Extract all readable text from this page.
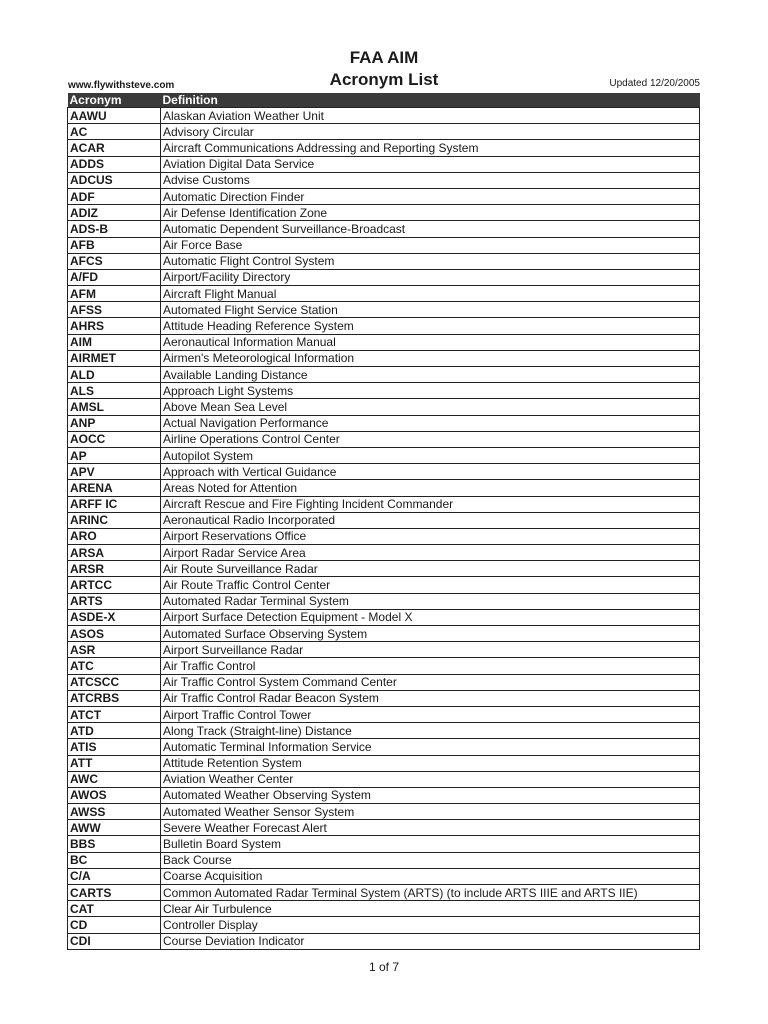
FAA AIM
Acronym List
www.flywithsteve.com	Updated 12/20/2005
Acronym	Definition
AAWU	Alaskan Aviation Weather Unit
AC	Advisory Circular
ACAR	Aircraft Communications Addressing and Reporting System
ADDS	Aviation Digital Data Service
ADCUS	Advise Customs
ADF	Automatic Direction Finder
ADIZ	Air Defense Identification Zone
ADS-B	Automatic Dependent Surveillance-Broadcast
AFB	Air Force Base
AFCS	Automatic Flight Control System
A/FD	Airport/Facility Directory
AFM	Aircraft Flight Manual
AFSS	Automated Flight Service Station
AHRS	Attitude Heading Reference System
AIM	Aeronautical Information Manual
AIRMET	Airmen's Meteorological Information
ALD	Available Landing Distance
ALS	Approach Light Systems
AMSL	Above Mean Sea Level
ANP	Actual Navigation Performance
AOCC	Airline Operations Control Center
AP	Autopilot System
APV	Approach with Vertical Guidance
ARENA	Areas Noted for Attention
ARFF IC	Aircraft Rescue and Fire Fighting Incident Commander
ARINC	Aeronautical Radio Incorporated
ARO	Airport Reservations Office
ARSA	Airport Radar Service Area
ARSR	Air Route Surveillance Radar
ARTCC	Air Route Traffic Control Center
ARTS	Automated Radar Terminal System
ASDE-X	Airport Surface Detection Equipment - Model X
ASOS	Automated Surface Observing System
ASR	Airport Surveillance Radar
ATC	Air Traffic Control
ATCSCC	Air Traffic Control System Command Center
ATCRBS	Air Traffic Control Radar Beacon System
ATCT	Airport Traffic Control Tower
ATD	Along Track (Straight-line) Distance
ATIS	Automatic Terminal Information Service
ATT	Attitude Retention System
AWC	Aviation Weather Center
AWOS	Automated Weather Observing System
AWSS	Automated Weather Sensor System
AWW	Severe Weather Forecast Alert
BBS	Bulletin Board System
BC	Back Course
C/A	Coarse Acquisition
CARTS	Common Automated Radar Terminal System (ARTS) (to include ARTS IIIE and ARTS IIE)
CAT	Clear Air Turbulence
CD	Controller Display
CDI	Course Deviation Indicator
1 of 7
